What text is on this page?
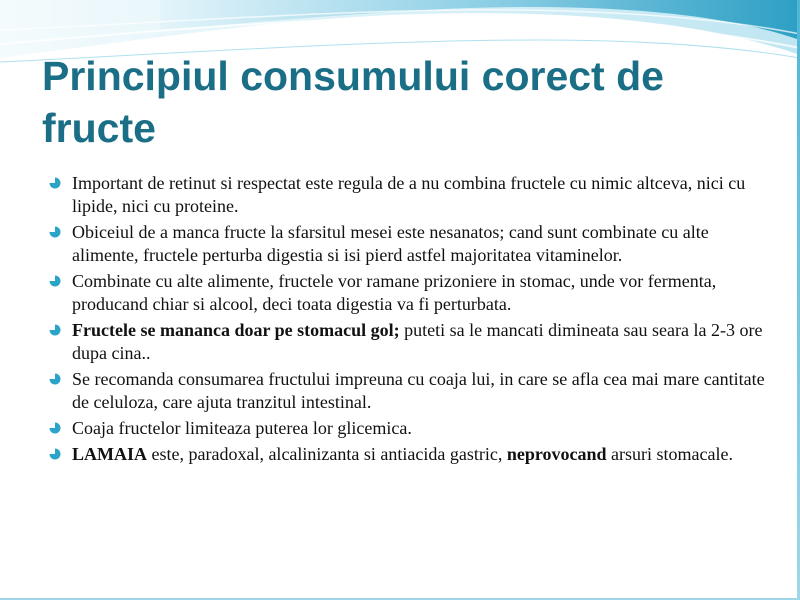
Principiul consumului corect de fructe
Important de retinut si respectat este regula de a nu combina fructele cu nimic altceva, nici cu lipide, nici cu proteine.
Obiceiul de a manca fructe la sfarsitul mesei este nesanatos; cand sunt combinate cu alte alimente, fructele perturba digestia si isi pierd astfel majoritatea vitaminelor.
Combinate cu alte alimente, fructele vor ramane prizoniere in stomac, unde vor fermenta, producand chiar si alcool, deci toata digestia va fi perturbata.
Fructele se mananca doar pe stomacul gol; puteti sa le mancati dimineata sau seara la 2-3 ore dupa cina..
Se recomanda consumarea fructului impreuna cu coaja lui, in care se afla cea mai mare cantitate de celuloza, care ajuta tranzitul intestinal.
Coaja fructelor limiteaza puterea lor glicemica.
LAMAIA este, paradoxal, alcalinizanta si antiacida gastric, neprovocand arsuri stomacale.
